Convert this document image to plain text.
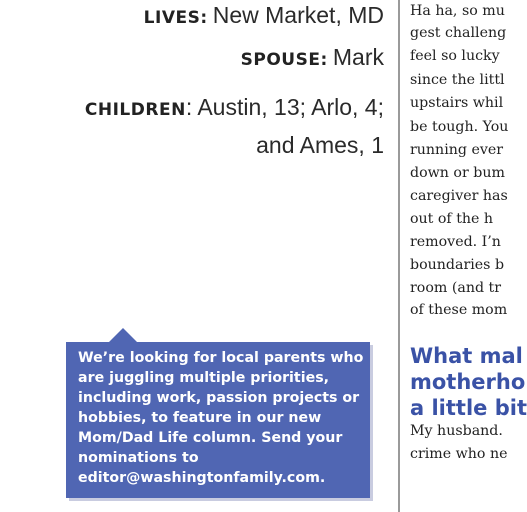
LIVES: New Market, MD
SPOUSE: Mark
CHILDREN: Austin, 13; Arlo, 4;
and Ames, 1

We’re looking for local parents who are juggling multiple priorities, including work, passion projects or hobbies, to feature in our new Mom/Dad Life column. Send your nominations to editor@washingtonfamily.com.

Ha ha, so mu
gest challeng
feel so lucky
since the littl
upstairs whil
be tough. You
running ever
down or bum
caregiver has
out of the h
removed. I’n
boundaries b
room (and tr
of these mom
What mal
motherho
a little bit
My husband.
crime who ne
